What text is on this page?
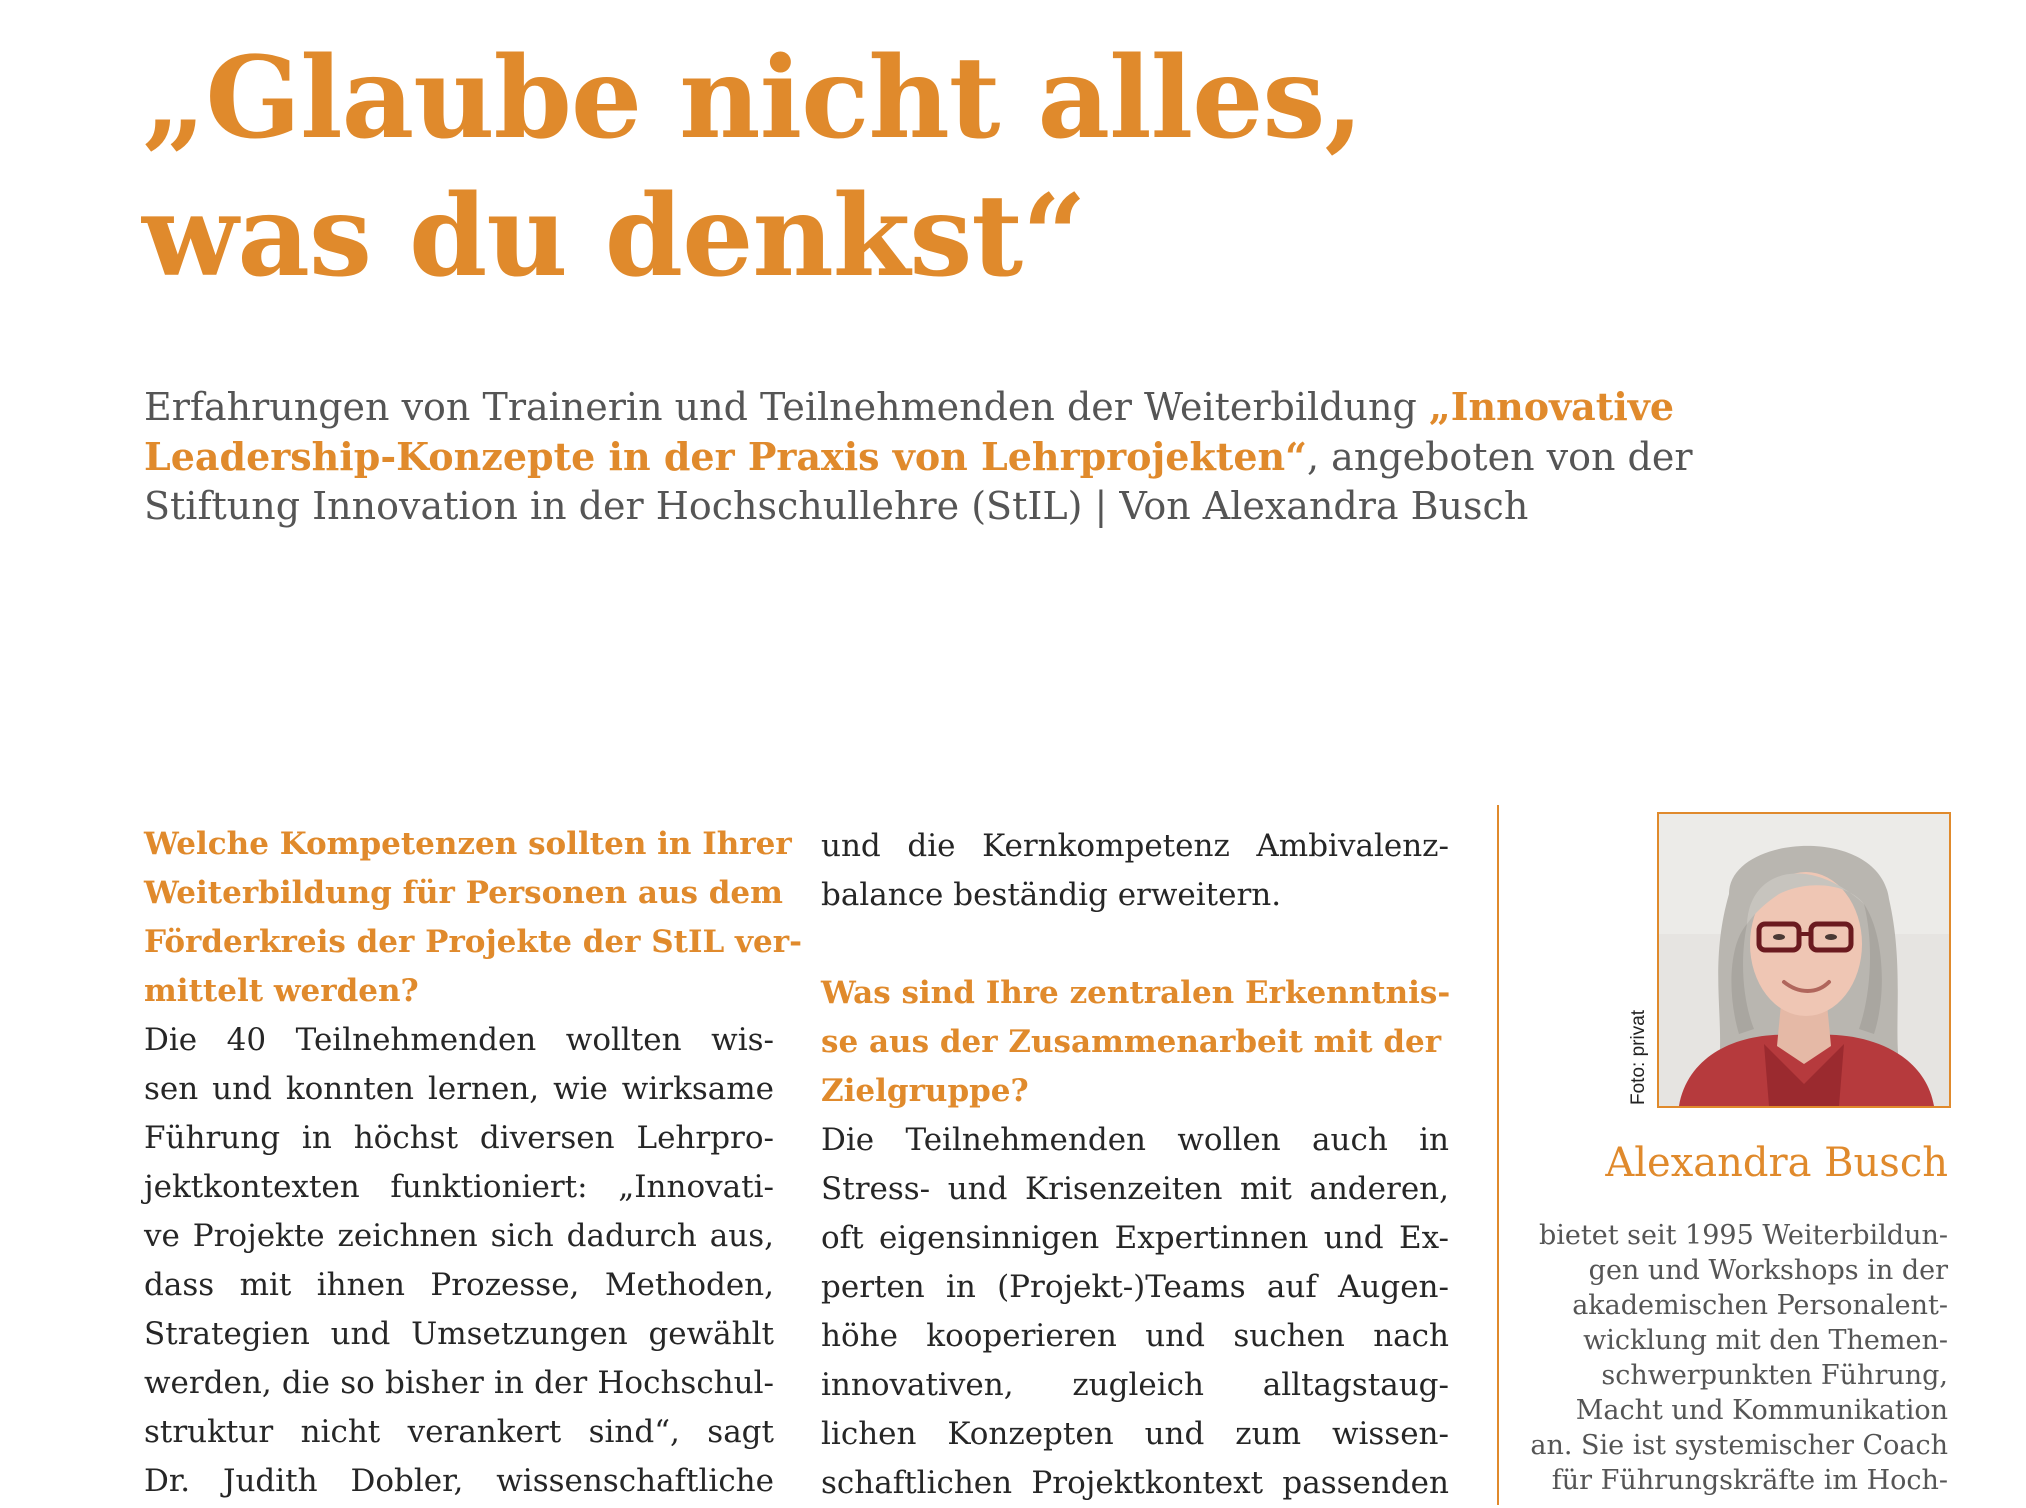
„Glaube nicht alles,
was du denkst“

Erfahrungen von Trainerin und Teilnehmenden der Weiterbildung „Innovative Leadership-Konzepte in der Praxis von Lehrprojekten“, angeboten von der Stiftung Innovation in der Hochschullehre (StIL) | Von Alexandra Busch

Welche Kompetenzen sollten in Ihrer
Weiterbildung für Personen aus dem
Förderkreis der Projekte der StIL ver-
mittelt werden?
Die 40 Teilnehmenden wollten wis-
sen und konnten lernen, wie wirksame
Führung in höchst diversen Lehrpro-
jektkontexten funktioniert: „Innovati-
ve Projekte zeichnen sich dadurch aus,
dass mit ihnen Prozesse, Methoden,
Strategien und Umsetzungen gewählt
werden, die so bisher in der Hochschul-
struktur nicht verankert sind“, sagt
Dr. Judith Dobler, wissenschaftliche
und die Kernkompetenz Ambivalenz-
balance beständig erweitern.
Was sind Ihre zentralen Erkenntnis-
se aus der Zusammenarbeit mit der
Zielgruppe?
Die Teilnehmenden wollen auch in
Stress- und Krisenzeiten mit anderen,
oft eigensinnigen Expertinnen und Ex-
perten in (Projekt-)Teams auf Augen-
höhe kooperieren und suchen nach
innovativen, zugleich alltagstaug-
lichen Konzepten und zum wissen-
schaftlichen Projektkontext passenden
Foto: privat
Alexandra Busch
bietet seit 1995 Weiterbildun-
gen und Workshops in der
akademischen Personalent-
wicklung mit den Themen-
schwerpunkten Führung,
Macht und Kommunikation
an. Sie ist systemischer Coach
für Führungskräfte im Hoch-
